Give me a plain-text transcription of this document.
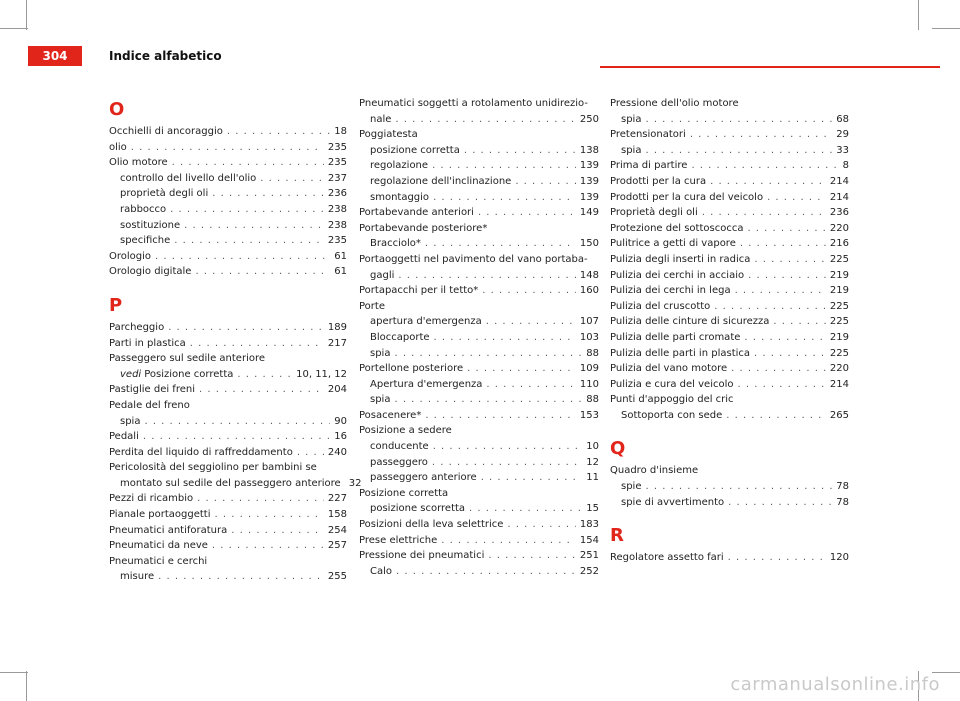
304	Indice alfabetico
O
Occhielli di ancoraggio . . .	18
olio . . .	235
Olio motore . . .	235
controllo del livello dell'olio . . .	237
proprietà degli oli . . .	236
rabbocco . . .	238
sostituzione . . .	238
specifiche . . .	235
Orologio . . .	61
Orologio digitale . . .	61
P
Parcheggio . . .	189
Parti in plastica . . .	217
Passeggero sul sedile anteriore
vedi Posizione corretta . . .	10, 11, 12
Pastiglie dei freni . . .	204
Pedale del freno
spia . . .	90
Pedali . . .	16
Perdita del liquido di raffreddamento . . .	240
Pericolosità del seggiolino per bambini se
montato sul sedile del passeggero anteriore 32
Pezzi di ricambio . . .	227
Pianale portaoggetti . . .	158
Pneumatici antiforatura . . .	254
Pneumatici da neve . . .	257
Pneumatici e cerchi
misure . . .	255
Pneumatici soggetti a rotolamento unidirezio-
nale . . .	250
Poggiatesta
posizione corretta . . .	138
regolazione . . .	139
regolazione dell'inclinazione . . .	139
smontaggio . . .	139
Portabevande anteriori . . .	149
Portabevande posteriore*
Bracciolo* . . .	150
Portaoggetti nel pavimento del vano portaba-
gagli . . .	148
Portapacchi per il tetto* . . .	160
Porte
apertura d'emergenza . . .	107
Bloccaporte . . .	103
spia . . .	88
Portellone posteriore . . .	109
Apertura d'emergenza . . .	110
spia . . .	88
Posacenere* . . .	153
Posizione a sedere
conducente . . .	10
passeggero . . .	12
passeggero anteriore . . .	11
Posizione corretta
posizione scorretta . . .	15
Posizioni della leva selettrice . . .	183
Prese elettriche . . .	154
Pressione dei pneumatici . . .	251
Calo . . .	252
Pressione dell'olio motore
spia . . .	68
Pretensionatori . . .	29
spia . . .	33
Prima di partire . . .	8
Prodotti per la cura . . .	214
Prodotti per la cura del veicolo . . .	214
Proprietà degli oli . . .	236
Protezione del sottoscocca . . .	220
Pulitrice a getti di vapore . . .	216
Pulizia degli inserti in radica . . .	225
Pulizia dei cerchi in acciaio . . .	219
Pulizia dei cerchi in lega . . .	219
Pulizia del cruscotto . . .	225
Pulizia delle cinture di sicurezza . . .	225
Pulizia delle parti cromate . . .	219
Pulizia delle parti in plastica . . .	225
Pulizia del vano motore . . .	220
Pulizia e cura del veicolo . . .	214
Punti d'appoggio del cric
Sottoporta con sede . . .	265
Q
Quadro d'insieme
spie . . .	78
spie di avvertimento . . .	78
R
Regolatore assetto fari . . .	120
carmanualsonline.info
